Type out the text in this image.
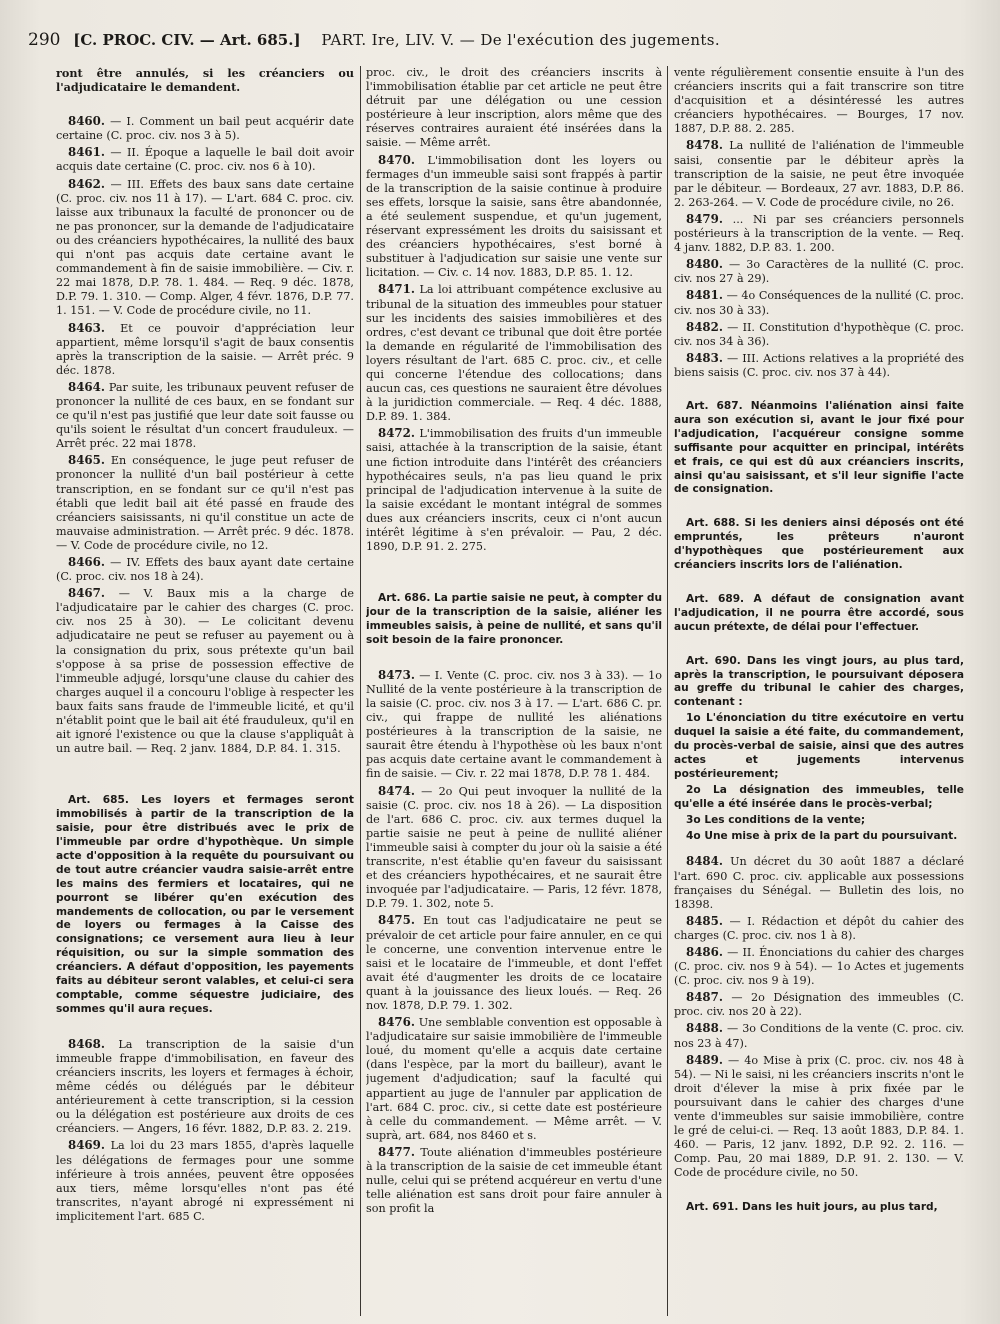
290 [C. PROC. CIV. — Art. 685.] PART. Ire, LIV. V. — De l'exécution des jugements.

ront être annulés, si les créanciers ou l'adjudicataire le demandent.

8460. — I. Comment un bail peut acquérir date certaine (C. proc. civ. nos 3 à 5).

8461. — II. Époque a laquelle le bail doit avoir acquis date certaine (C. proc. civ. nos 6 à 10).

8462. — III. Effets des baux sans date certaine (C. proc. civ. nos 11 à 17). — L'art. 684 C. proc. civ. laisse aux tribunaux la faculté de prononcer ou de ne pas prononcer, sur la demande de l'adjudicataire ou des créanciers hypothécaires, la nullité des baux qui n'ont pas acquis date certaine avant le commandement à fin de saisie immobilière. — Civ. r. 22 mai 1878, D.P. 78. 1. 484. — Req. 9 déc. 1878, D.P. 79. 1. 310. — Comp. Alger, 4 févr. 1876, D.P. 77. 1. 151. — V. Code de procédure civile, no 11.

8463. Et ce pouvoir d'appréciation leur appartient, même lorsqu'il s'agit de baux consentis après la transcription de la saisie. — Arrêt préc. 9 déc. 1878.

8464. Par suite, les tribunaux peuvent refuser de prononcer la nullité de ces baux, en se fondant sur ce qu'il n'est pas justifié que leur date soit fausse ou qu'ils soient le résultat d'un concert frauduleux. — Arrêt préc. 22 mai 1878.

8465. En conséquence, le juge peut refuser de prononcer la nullité d'un bail postérieur à cette transcription, en se fondant sur ce qu'il n'est pas établi que ledit bail ait été passé en fraude des créanciers saisissants, ni qu'il constitue un acte de mauvaise administration. — Arrêt préc. 9 déc. 1878. — V. Code de procédure civile, no 12.

8466. — IV. Effets des baux ayant date certaine (C. proc. civ. nos 18 à 24).

8467. — V. Baux mis a la charge de l'adjudicataire par le cahier des charges (C. proc. civ. nos 25 à 30). — Le colicitant devenu adjudicataire ne peut se refuser au payement ou à la consignation du prix, sous prétexte qu'un bail s'oppose à sa prise de possession effective de l'immeuble adjugé, lorsqu'une clause du cahier des charges auquel il a concouru l'oblige à respecter les baux faits sans fraude de l'immeuble licité, et qu'il n'établit point que le bail ait été frauduleux, qu'il en ait ignoré l'existence ou que la clause s'appliquât à un autre bail. — Req. 2 janv. 1884, D.P. 84. 1. 315.

Art. 685. Les loyers et fermages seront immobilisés à partir de la transcription de la saisie, pour être distribués avec le prix de l'immeuble par ordre d'hypothèque. Un simple acte d'opposition à la requête du poursuivant ou de tout autre créancier vaudra saisie-arrêt entre les mains des fermiers et locataires, qui ne pourront se libérer qu'en exécution des mandements de collocation, ou par le versement de loyers ou fermages à la Caisse des consignations; ce versement aura lieu à leur réquisition, ou sur la simple sommation des créanciers. A défaut d'opposition, les payements faits au débiteur seront valables, et celui-ci sera comptable, comme séquestre judiciaire, des sommes qu'il aura reçues.

8468. La transcription de la saisie d'un immeuble frappe d'immobilisation, en faveur des créanciers inscrits, les loyers et fermages à échoir, même cédés ou délégués par le débiteur antérieurement à cette transcription, si la cession ou la délégation est postérieure aux droits de ces créanciers. — Angers, 16 févr. 1882, D.P. 83. 2. 219.

8469. La loi du 23 mars 1855, d'après laquelle les délégations de fermages pour une somme inférieure à trois années, peuvent être opposées aux tiers, même lorsqu'elles n'ont pas été transcrites, n'ayant abrogé ni expressément ni implicitement l'art. 685 C.

proc. civ., le droit des créanciers inscrits à l'immobilisation établie par cet article ne peut être détruit par une délégation ou une cession postérieure à leur inscription, alors même que des réserves contraires auraient été insérées dans la saisie. — Même arrêt.

8470. L'immobilisation dont les loyers ou fermages d'un immeuble saisi sont frappés à partir de la transcription de la saisie continue à produire ses effets, lorsque la saisie, sans être abandonnée, a été seulement suspendue, et qu'un jugement, réservant expressément les droits du saisissant et des créanciers hypothécaires, s'est borné à substituer à l'adjudication sur saisie une vente sur licitation. — Civ. c. 14 nov. 1883, D.P. 85. 1. 12.

8471. La loi attribuant compétence exclusive au tribunal de la situation des immeubles pour statuer sur les incidents des saisies immobilières et des ordres, c'est devant ce tribunal que doit être portée la demande en régularité de l'immobilisation des loyers résultant de l'art. 685 C. proc. civ., et celle qui concerne l'étendue des collocations; dans aucun cas, ces questions ne sauraient être dévolues à la juridiction commerciale. — Req. 4 déc. 1888, D.P. 89. 1. 384.

8472. L'immobilisation des fruits d'un immeuble saisi, attachée à la transcription de la saisie, étant une fiction introduite dans l'intérêt des créanciers hypothécaires seuls, n'a pas lieu quand le prix principal de l'adjudication intervenue à la suite de la saisie excédant le montant intégral de sommes dues aux créanciers inscrits, ceux ci n'ont aucun intérêt légitime à s'en prévaloir. — Pau, 2 déc. 1890, D.P. 91. 2. 275.

Art. 686. La partie saisie ne peut, à compter du jour de la transcription de la saisie, aliéner les immeubles saisis, à peine de nullité, et sans qu'il soit besoin de la faire prononcer.

8473. — I. Vente (C. proc. civ. nos 3 à 33). — 1o Nullité de la vente postérieure à la transcription de la saisie (C. proc. civ. nos 3 à 17. — L'art. 686 C. pr. civ., qui frappe de nullité les aliénations postérieures à la transcription de la saisie, ne saurait être étendu à l'hypothèse où les baux n'ont pas acquis date certaine avant le commandement à fin de saisie. — Civ. r. 22 mai 1878, D.P. 78 1. 484.

8474. — 2o Qui peut invoquer la nullité de la saisie (C. proc. civ. nos 18 à 26). — La disposition de l'art. 686 C. proc. civ. aux termes duquel la partie saisie ne peut à peine de nullité aliéner l'immeuble saisi à compter du jour où la saisie a été transcrite, n'est établie qu'en faveur du saisissant et des créanciers hypothécaires, et ne saurait être invoquée par l'adjudicataire. — Paris, 12 févr. 1878, D.P. 79. 1. 302, note 5.

8475. En tout cas l'adjudicataire ne peut se prévaloir de cet article pour faire annuler, en ce qui le concerne, une convention intervenue entre le saisi et le locataire de l'immeuble, et dont l'effet avait été d'augmenter les droits de ce locataire quant à la jouissance des lieux loués. — Req. 26 nov. 1878, D.P. 79. 1. 302.

8476. Une semblable convention est opposable à l'adjudicataire sur saisie immobilière de l'immeuble loué, du moment qu'elle a acquis date certaine (dans l'espèce, par la mort du bailleur), avant le jugement d'adjudication; sauf la faculté qui appartient au juge de l'annuler par application de l'art. 684 C. proc. civ., si cette date est postérieure à celle du commandement. — Même arrêt. — V. suprà, art. 684, nos 8460 et s.

8477. Toute aliénation d'immeubles postérieure à la transcription de la saisie de cet immeuble étant nulle, celui qui se prétend acquéreur en vertu d'une telle aliénation est sans droit pour faire annuler à son profit la

vente régulièrement consentie ensuite à l'un des créanciers inscrits qui a fait transcrire son titre d'acquisition et a désintéressé les autres créanciers hypothécaires. — Bourges, 17 nov. 1887, D.P. 88. 2. 285.

8478. La nullité de l'aliénation de l'immeuble saisi, consentie par le débiteur après la transcription de la saisie, ne peut être invoquée par le débiteur. — Bordeaux, 27 avr. 1883, D.P. 86. 2. 263-264. — V. Code de procédure civile, no 26.

8479. ... Ni par ses créanciers personnels postérieurs à la transcription de la vente. — Req. 4 janv. 1882, D.P. 83. 1. 200.

8480. — 3o Caractères de la nullité (C. proc. civ. nos 27 à 29).

8481. — 4o Conséquences de la nullité (C. proc. civ. nos 30 à 33).

8482. — II. Constitution d'hypothèque (C. proc. civ. nos 34 à 36).

8483. — III. Actions relatives a la propriété des biens saisis (C. proc. civ. nos 37 à 44).

Art. 687. Néanmoins l'aliénation ainsi faite aura son exécution si, avant le jour fixé pour l'adjudication, l'acquéreur consigne somme suffisante pour acquitter en principal, intérêts et frais, ce qui est dû aux créanciers inscrits, ainsi qu'au saisissant, et s'il leur signifie l'acte de consignation.

Art. 688. Si les deniers ainsi déposés ont été empruntés, les prêteurs n'auront d'hypothèques que postérieurement aux créanciers inscrits lors de l'aliénation.

Art. 689. A défaut de consignation avant l'adjudication, il ne pourra être accordé, sous aucun prétexte, de délai pour l'effectuer.

Art. 690. Dans les vingt jours, au plus tard, après la transcription, le poursuivant déposera au greffe du tribunal le cahier des charges, contenant :

1o L'énonciation du titre exécutoire en vertu duquel la saisie a été faite, du commandement, du procès-verbal de saisie, ainsi que des autres actes et jugements intervenus postérieurement;

2o La désignation des immeubles, telle qu'elle a été insérée dans le procès-verbal;

3o Les conditions de la vente;

4o Une mise à prix de la part du poursuivant.

8484. Un décret du 30 août 1887 a déclaré l'art. 690 C. proc. civ. applicable aux possessions françaises du Sénégal. — Bulletin des lois, no 18398.

8485. — I. Rédaction et dépôt du cahier des charges (C. proc. civ. nos 1 à 8).

8486. — II. Énonciations du cahier des charges (C. proc. civ. nos 9 à 54). — 1o Actes et jugements (C. proc. civ. nos 9 à 19).

8487. — 2o Désignation des immeubles (C. proc. civ. nos 20 à 22).

8488. — 3o Conditions de la vente (C. proc. civ. nos 23 à 47).

8489. — 4o Mise à prix (C. proc. civ. nos 48 à 54). — Ni le saisi, ni les créanciers inscrits n'ont le droit d'élever la mise à prix fixée par le poursuivant dans le cahier des charges d'une vente d'immeubles sur saisie immobilière, contre le gré de celui-ci. — Req. 13 août 1883, D.P. 84. 1. 460. — Paris, 12 janv. 1892, D.P. 92. 2. 116. — Comp. Pau, 20 mai 1889, D.P. 91. 2. 130. — V. Code de procédure civile, no 50.

Art. 691. Dans les huit jours, au plus tard,
